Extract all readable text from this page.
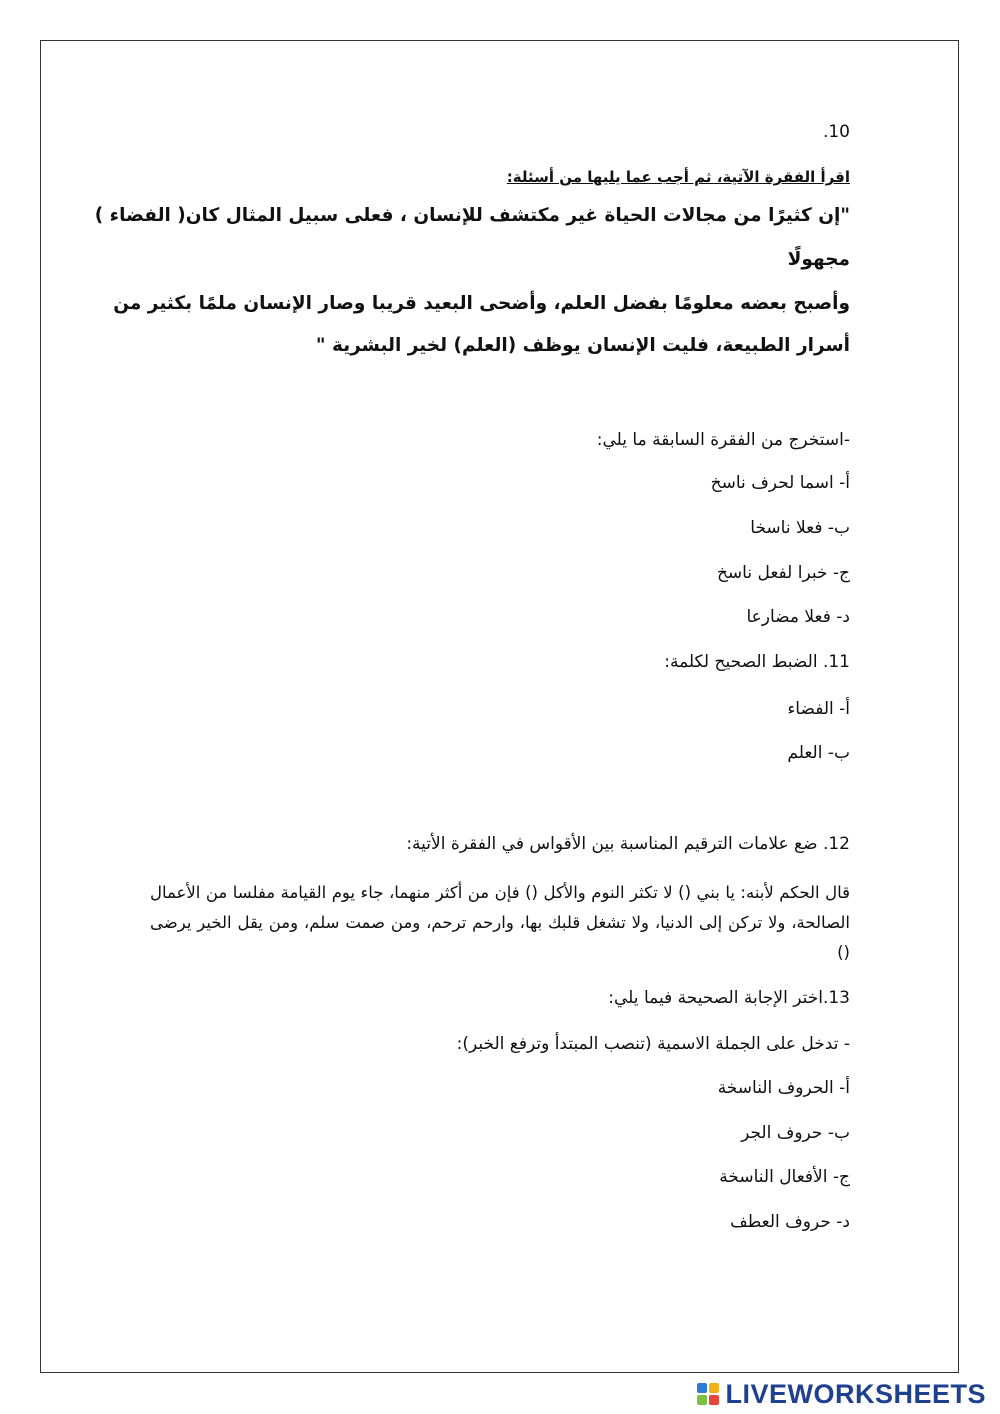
.10
اقرأ الفقرة الآتية، ثم أجب عما يليها من أسئلة:
"إن كثيرًا من مجالات الحياة غير مكتشف للإنسان ، فعلى سبيل المثال كان( الفضاء )
مجهولًا
وأصبح بعضه معلومًا بفضل العلم، وأضحى البعيد قريبا وصار الإنسان ملمًا بكثير من
أسرار الطبيعة، فليت الإنسان يوظف (العلم) لخير البشرية "
-استخرج من الفقرة السابقة ما يلي:
أ- اسما لحرف ناسخ
ب- فعلا ناسخا
ج- خبرا لفعل ناسخ
د- فعلا مضارعا
11. الضبط الصحيح لكلمة:
أ- الفضاء
ب- العلم
12. ضع علامات الترقيم المناسبة بين الأقواس في الفقرة الأتية:
قال الحكم لأبنه: يا بني () لا تكثر النوم والأكل () فإن من أكثر منهما، جاء يوم القيامة مفلسا من الأعمال الصالحة، ولا تركن إلى الدنيا، ولا تشغل قلبك بها، وارحم ترحم، ومن صمت سلم، ومن يقل الخير يرضى ()
13.اختر الإجابة الصحيحة فيما يلي:
- تدخل على الجملة الاسمية (تنصب المبتدأ وترفع الخبر):
أ- الحروف الناسخة
ب- حروف الجر
ج- الأفعال الناسخة
د- حروف العطف
LIVEWORKSHEETS
